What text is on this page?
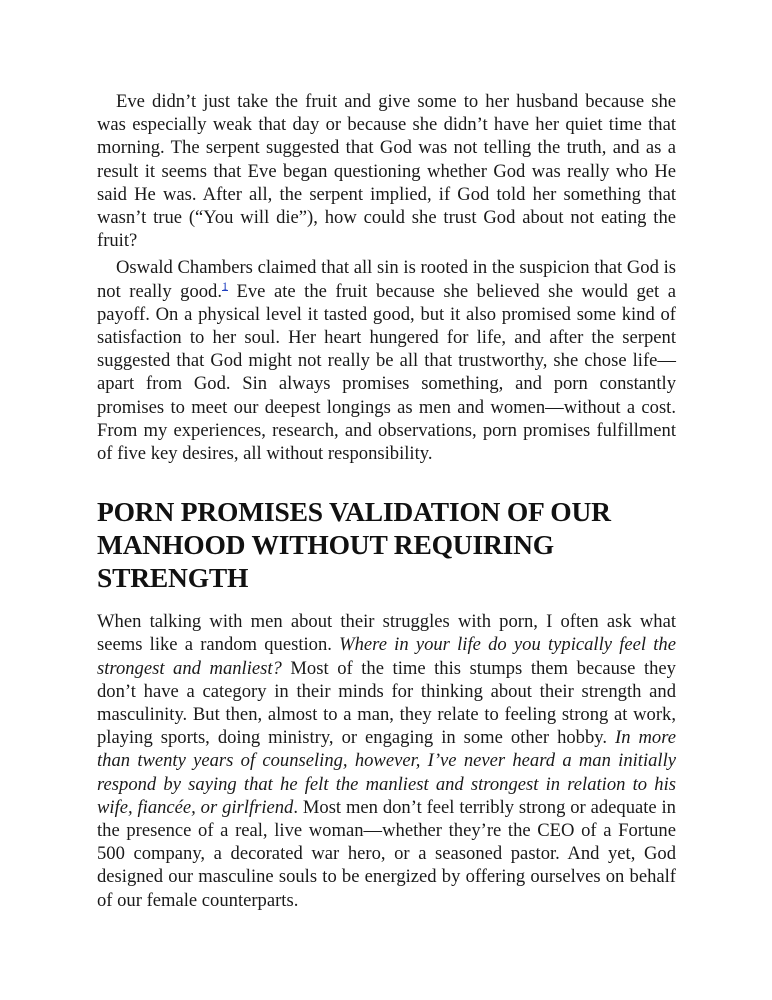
Eve didn’t just take the fruit and give some to her husband because she was especially weak that day or because she didn’t have her quiet time that morning. The serpent suggested that God was not telling the truth, and as a result it seems that Eve began questioning whether God was really who He said He was. After all, the serpent implied, if God told her something that wasn’t true (“You will die”), how could she trust God about not eating the fruit?

Oswald Chambers claimed that all sin is rooted in the suspicion that God is not really good.$^1$ Eve ate the fruit because she believed she would get a payoff. On a physical level it tasted good, but it also promised some kind of satisfaction to her soul. Her heart hungered for life, and after the serpent suggested that God might not really be all that trustworthy, she chose life—apart from God. Sin always promises something, and porn constantly promises to meet our deepest longings as men and women—without a cost. From my experiences, research, and observations, porn promises fulfillment of five key desires, all without responsibility.

PORN PROMISES VALIDATION OF OUR
MANHOOD WITHOUT REQUIRING
STRENGTH

When talking with men about their struggles with porn, I often ask what seems like a random question. Where in your life do you typically feel the strongest and manliest? Most of the time this stumps them because they don’t have a category in their minds for thinking about their strength and masculinity. But then, almost to a man, they relate to feeling strong at work, playing sports, doing ministry, or engaging in some other hobby. In more than twenty years of counseling, however, I’ve never heard a man initially respond by saying that he felt the manliest and strongest in relation to his wife, fiancée, or girlfriend. Most men don’t feel terribly strong or adequate in the presence of a real, live woman—whether they’re the CEO of a Fortune 500 company, a decorated war hero, or a seasoned pastor. And yet, God designed our masculine souls to be energized by offering ourselves on behalf of our female counterparts.
